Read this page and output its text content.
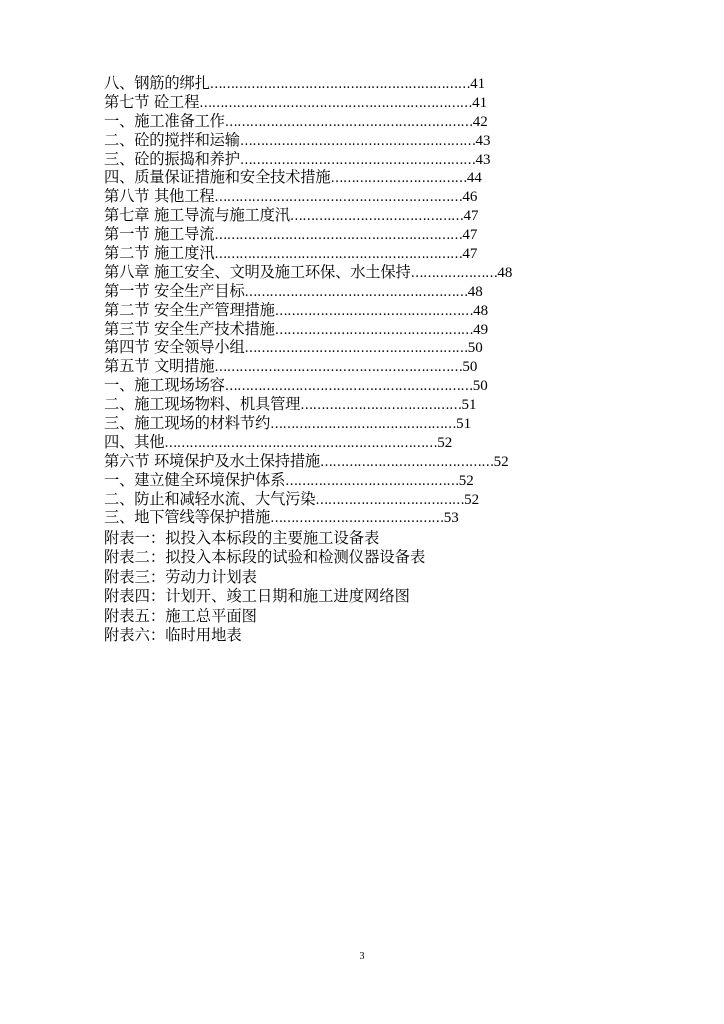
八、钢筋的绑扎………………………………………………………41
第七节 砼工程…………………………………………………………41
一、施工准备工作……………………………………………………42
二、砼的搅拌和运输…………………………………………………43
三、砼的振捣和养护…………………………………………………43
四、质量保证措施和安全技术措施……………………………44
第八节 其他工程……………………………………………………46
第七章 施工导流与施工度汛……………………………………47
第一节 施工导流……………………………………………………47
第二节 施工度汛……………………………………………………47
第八章 施工安全、文明及施工环保、水土保持…………………48
第一节 安全生产目标………………………………………………48
第二节 安全生产管理措施…………………………………………48
第三节 安全生产技术措施…………………………………………49
第四节 安全领导小组………………………………………………50
第五节 文明措施……………………………………………………50
一、施工现场场容……………………………………………………50
二、施工现场物料、机具管理…………………………………51
三、施工现场的材料节约………………………………………51
四、其他…………………………………………………………52
第六节 环境保护及水土保持措施……………………………………52
一、建立健全环境保护体系……………………………………52
二、防止和减轻水流、大气污染………………………………52
三、地下管线等保护措施……………………………………53
附表一：拟投入本标段的主要施工设备表
附表二：拟投入本标段的试验和检测仪器设备表
附表三：劳动力计划表
附表四：计划开、竣工日期和施工进度网络图
附表五：施工总平面图
附表六：临时用地表
3
